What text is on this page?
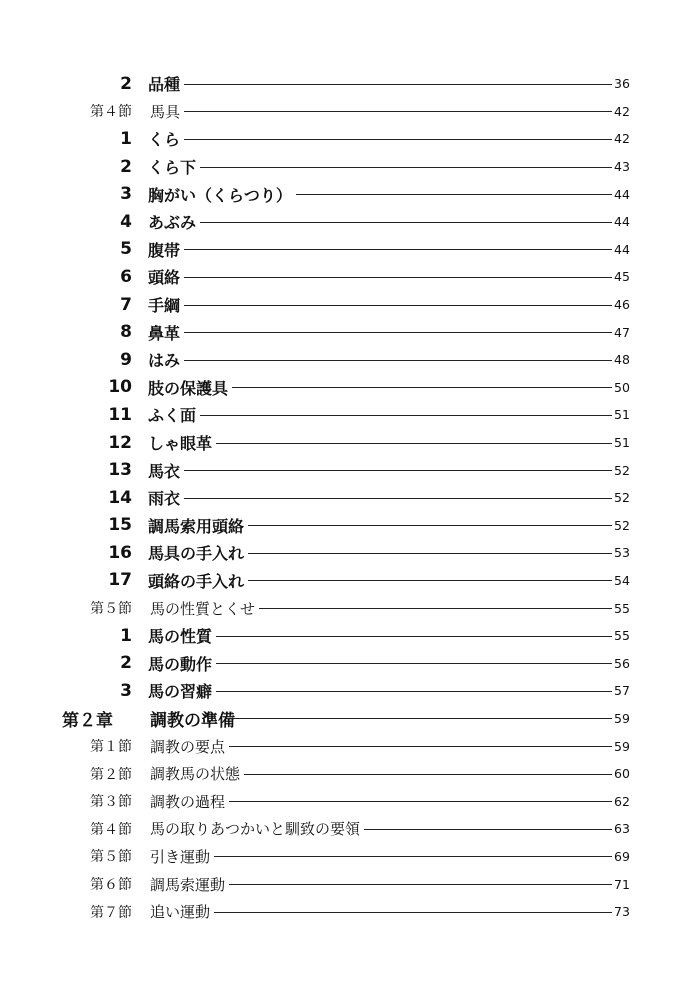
2 品種	36
第４節 馬具	42
1 くら	42
2 くら下	43
3 胸がい（くらつり）	44
4 あぶみ	44
5 腹帯	44
6 頭絡	45
7 手綱	46
8 鼻革	47
9 はみ	48
10 肢の保護具	50
11 ふく面	51
12 しゃ眼革	51
13 馬衣	52
14 雨衣	52
15 調馬索用頭絡	52
16 馬具の手入れ	53
17 頭絡の手入れ	54
第５節 馬の性質とくせ	55
1 馬の性質	55
2 馬の動作	56
3 馬の習癖	57
第２章 調教の準備	59
第１節 調教の要点	59
第２節 調教馬の状態	60
第３節 調教の過程	62
第４節 馬の取りあつかいと馴致の要領	63
第５節 引き運動	69
第６節 調馬索運動	71
第７節 追い運動	73
